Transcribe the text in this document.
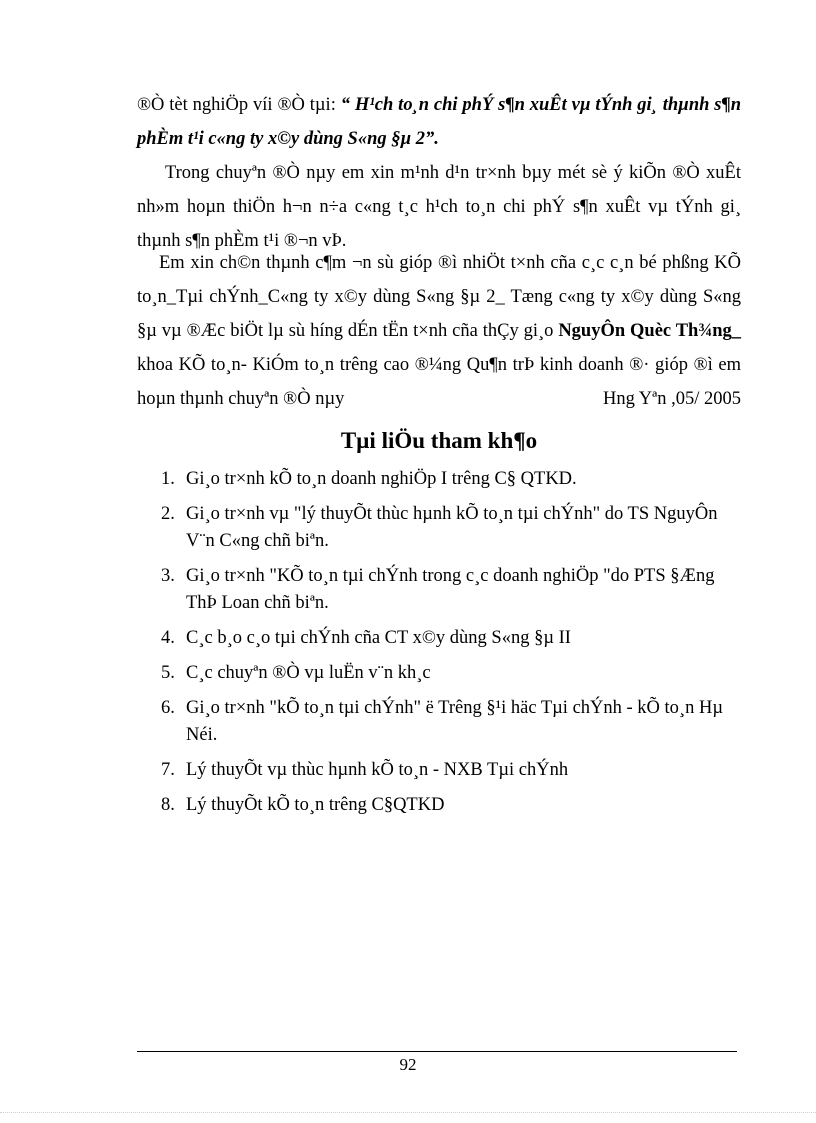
®Ò tèt nghiÖp víi ®Ò tµi: “ H¹ch to¸n chi phÝ s¶n xuÊt vµ tÝnh gi¸ thµnh s¶n phÈm t¹i c«ng ty x©y dùng S«ng §µ 2”.

Trong chuyªn ®Ò nµy em xin m¹nh d¹n tr×nh bµy mét sè ý kiÕn ®Ò xuÊt nh»m hoµn thiÖn h¬n n÷a c«ng t¸c h¹ch to¸n chi phÝ s¶n xuÊt vµ tÝnh gi¸ thµnh s¶n phÈm t¹i ®¬n vÞ.

Em xin ch©n thµnh c¶m ¬n sù gióp ®ì nhiÖt t×nh cña c¸c c¸n bé phßng KÕ to¸n_Tµi chÝnh_C«ng ty x©y dùng S«ng §µ 2_ Tæng c«ng ty x©y dùng S«ng §µ vµ ®Æc biÖt lµ sù híng dÉn tËn t×nh cña thÇy gi¸o NguyÔn Quèc Th¾ng_ khoa KÕ to¸n- KiÓm to¸n trêng cao ®¼ng Qu¶n trÞ kinh doanh ®· gióp ®ì em hoµn thµnh chuyªn ®Ò nµy	Hng Yªn ,05/ 2005

Tµi liÖu tham kh¶o
1. Gi¸o tr×nh kÕ to¸n doanh nghiÖp I trêng C§ QTKD.
2. Gi¸o tr×nh vµ "lý thuyÕt thùc hµnh kÕ to¸n tµi chÝnh" do TS NguyÔn V¨n C«ng chñ biªn.
3. Gi¸o tr×nh "KÕ to¸n tµi chÝnh trong c¸c doanh nghiÖp "do PTS §Æng ThÞ Loan chñ biªn.
4. C¸c b¸o c¸o tµi chÝnh cña CT x©y dùng S«ng §µ II
5. C¸c chuyªn ®Ò vµ luËn v¨n kh¸c
6. Gi¸o tr×nh "kÕ to¸n tµi chÝnh" ë Trêng §¹i häc Tµi chÝnh - kÕ to¸n Hµ Néi.
7. Lý thuyÕt vµ thùc hµnh kÕ to¸n - NXB Tµi chÝnh
8. Lý thuyÕt kÕ to¸n trêng C§QTKD
92
